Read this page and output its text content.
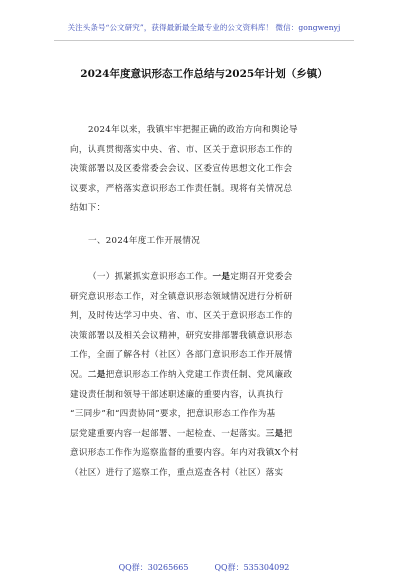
关注头条号“公文研究”，获得最新最全最专业的公文资料库！ 微信：gongwenyj
2024年度意识形态工作总结与2025年计划（乡镇）
2024年以来，我镇牢牢把握正确的政治方向和舆论导
向，认真贯彻落实中央、省、市、区关于意识形态工作的
决策部署以及区委常委会会议、区委宣传思想文化工作会
议要求，严格落实意识形态工作责任制。现将有关情况总
结如下：
一、2024年度工作开展情况
（一）抓紧抓实意识形态工作。一是定期召开党委会
研究意识形态工作，对全镇意识形态领域情况进行分析研
判，及时传达学习中央、省、市、区关于意识形态工作的
决策部署以及相关会议精神，研究安排部署我镇意识形态
工作，全面了解各村（社区）各部门意识形态工作开展情
况。二是把意识形态工作纳入党建工作责任制、党风廉政
建设责任制和领导干部述职述廉的重要内容，认真执行
“三同步”和“四责协同”要求，把意识形态工作作为基
层党建重要内容一起部署、一起检查、一起落实。三是把
意识形态工作作为巡察监督的重要内容。年内对我镇X个村
（社区）进行了巡察工作，重点巡查各村（社区）落实
QQ群：30265665	QQ群：535304092
